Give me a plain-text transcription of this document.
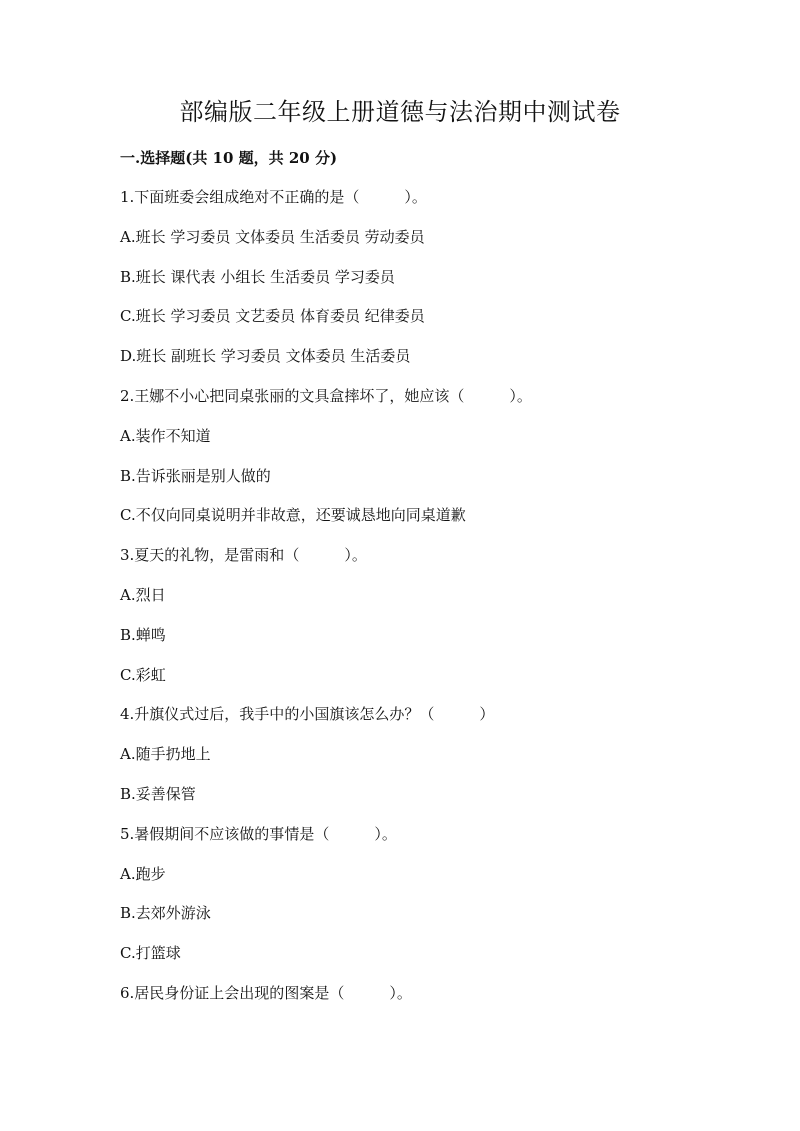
部编版二年级上册道德与法治期中测试卷
一.选择题(共 10 题，共 20 分)
1.下面班委会组成绝对不正确的是（　　　）。
A.班长 学习委员 文体委员 生活委员 劳动委员
B.班长 课代表 小组长 生活委员 学习委员
C.班长 学习委员 文艺委员 体育委员 纪律委员
D.班长 副班长 学习委员 文体委员 生活委员
2.王娜不小心把同桌张丽的文具盒摔坏了，她应该（　　　）。
A.装作不知道
B.告诉张丽是别人做的
C.不仅向同桌说明并非故意，还要诚恳地向同桌道歉
3.夏天的礼物，是雷雨和（　　　）。
A.烈日
B.蝉鸣
C.彩虹
4.升旗仪式过后，我手中的小国旗该怎么办？（　　　）
A.随手扔地上
B.妥善保管
5.暑假期间不应该做的事情是（　　　）。
A.跑步
B.去郊外游泳
C.打篮球
6.居民身份证上会出现的图案是（　　　）。
